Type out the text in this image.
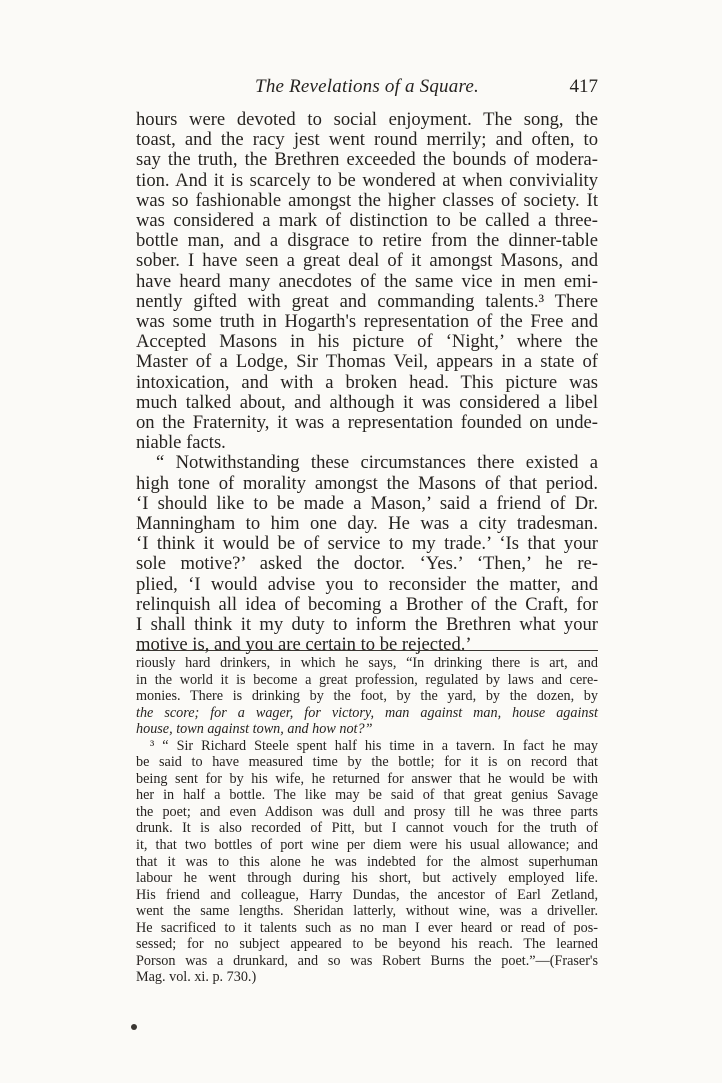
The Revelations of a Square.	417

hours were devoted to social enjoyment. The song, the

toast, and the racy jest went round merrily; and often, to

say the truth, the Brethren exceeded the bounds of modera-

tion. And it is scarcely to be wondered at when conviviality

was so fashionable amongst the higher classes of society. It

was considered a mark of distinction to be called a three-

bottle man, and a disgrace to retire from the dinner-table

sober. I have seen a great deal of it amongst Masons, and

have heard many anecdotes of the same vice in men emi-

nently gifted with great and commanding talents.³ There

was some truth in Hogarth's representation of the Free and

Accepted Masons in his picture of ‘Night,’ where the

Master of a Lodge, Sir Thomas Veil, appears in a state of

intoxication, and with a broken head. This picture was

much talked about, and although it was considered a libel

on the Fraternity, it was a representation founded on unde-

niable facts.

“ Notwithstanding these circumstances there existed a

high tone of morality amongst the Masons of that period.

‘I should like to be made a Mason,’ said a friend of Dr.

Manningham to him one day. He was a city tradesman.

‘I think it would be of service to my trade.’ ‘Is that your

sole motive?’ asked the doctor. ‘Yes.’ ‘Then,’ he re-

plied, ‘I would advise you to reconsider the matter, and

relinquish all idea of becoming a Brother of the Craft, for

I shall think it my duty to inform the Brethren what your

motive is, and you are certain to be rejected.’

riously hard drinkers, in which he says, “In drinking there is art, and

in the world it is become a great profession, regulated by laws and cere-

monies. There is drinking by the foot, by the yard, by the dozen, by

the score; for a wager, for victory, man against man, house against

house, town against town, and how not?”

³ “ Sir Richard Steele spent half his time in a tavern. In fact he may

be said to have measured time by the bottle; for it is on record that

being sent for by his wife, he returned for answer that he would be with

her in half a bottle. The like may be said of that great genius Savage

the poet; and even Addison was dull and prosy till he was three parts

drunk. It is also recorded of Pitt, but I cannot vouch for the truth of

it, that two bottles of port wine per diem were his usual allowance; and

that it was to this alone he was indebted for the almost superhuman

labour he went through during his short, but actively employed life.

His friend and colleague, Harry Dundas, the ancestor of Earl Zetland,

went the same lengths. Sheridan latterly, without wine, was a driveller.

He sacrificed to it talents such as no man I ever heard or read of pos-

sessed; for no subject appeared to be beyond his reach. The learned

Porson was a drunkard, and so was Robert Burns the poet.”—(Fraser's

Mag. vol. xi. p. 730.)
